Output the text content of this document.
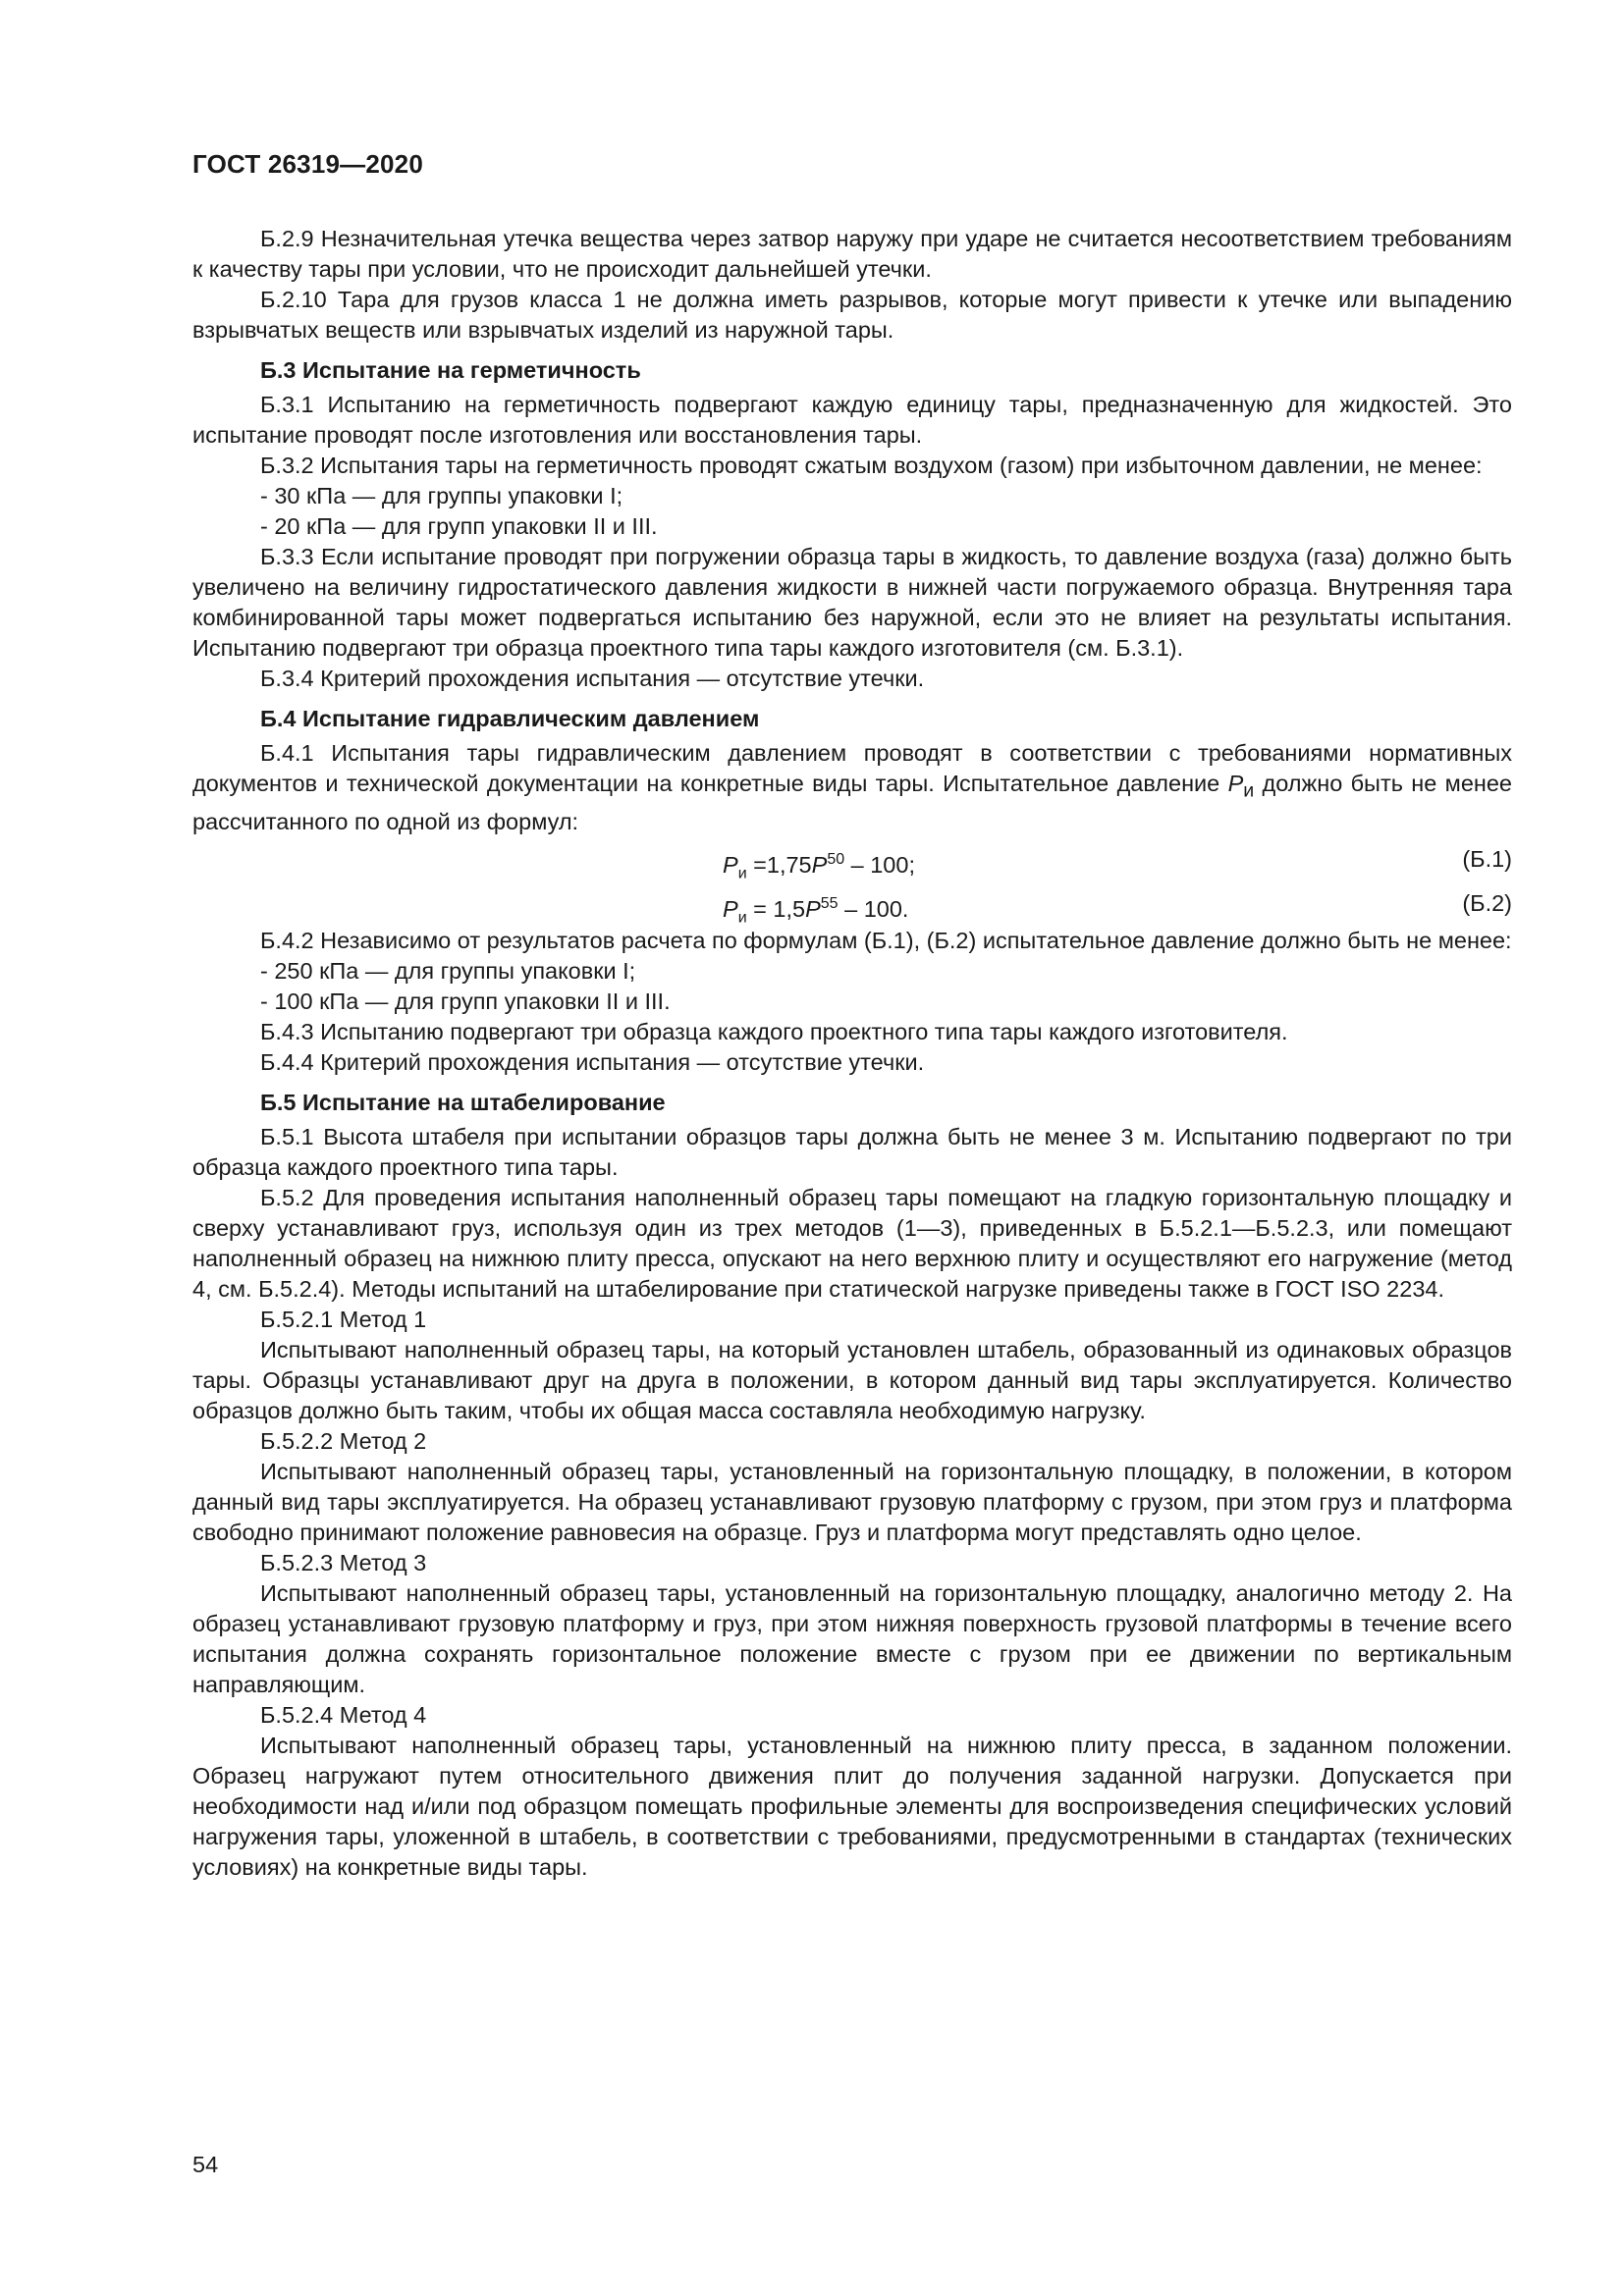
ГОСТ 26319—2020

Б.2.9 Незначительная утечка вещества через затвор наружу при ударе не считается несоответствием требованиям к качеству тары при условии, что не происходит дальнейшей утечки.

Б.2.10 Тара для грузов класса 1 не должна иметь разрывов, которые могут привести к утечке или выпадению взрывчатых веществ или взрывчатых изделий из наружной тары.

Б.3 Испытание на герметичность

Б.3.1 Испытанию на герметичность подвергают каждую единицу тары, предназначенную для жидкостей. Это испытание проводят после изготовления или восстановления тары.

Б.3.2 Испытания тары на герметичность проводят сжатым воздухом (газом) при избыточном давлении, не менее:

- 30 кПа — для группы упаковки I;

- 20 кПа — для групп упаковки II и III.

Б.3.3 Если испытание проводят при погружении образца тары в жидкость, то давление воздуха (газа) должно быть увеличено на величину гидростатического давления жидкости в нижней части погружаемого образца. Внутренняя тара комбинированной тары может подвергаться испытанию без наружной, если это не влияет на результаты испытания. Испытанию подвергают три образца проектного типа тары каждого изготовителя (см. Б.3.1).

Б.3.4 Критерий прохождения испытания — отсутствие утечки.

Б.4 Испытание гидравлическим давлением

Б.4.1 Испытания тары гидравлическим давлением проводят в соответствии с требованиями нормативных документов и технической документации на конкретные виды тары. Испытательное давление $P_и$ должно быть не менее рассчитанного по одной из формул:

$P_и =1,75P^{50} - 100$;	(Б.1)
$P_и = 1,5P^{55} - 100$.	(Б.2)

Б.4.2 Независимо от результатов расчета по формулам (Б.1), (Б.2) испытательное давление должно быть не менее:

- 250 кПа — для группы упаковки I;

- 100 кПа — для групп упаковки II и III.

Б.4.3 Испытанию подвергают три образца каждого проектного типа тары каждого изготовителя.

Б.4.4 Критерий прохождения испытания — отсутствие утечки.

Б.5 Испытание на штабелирование

Б.5.1 Высота штабеля при испытании образцов тары должна быть не менее 3 м. Испытанию подвергают по три образца каждого проектного типа тары.

Б.5.2 Для проведения испытания наполненный образец тары помещают на гладкую горизонтальную площадку и сверху устанавливают груз, используя один из трех методов (1—3), приведенных в Б.5.2.1—Б.5.2.3, или помещают наполненный образец на нижнюю плиту пресса, опускают на него верхнюю плиту и осуществляют его нагружение (метод 4, см. Б.5.2.4). Методы испытаний на штабелирование при статической нагрузке приведены также в ГОСТ ISO 2234.

Б.5.2.1 Метод 1

Испытывают наполненный образец тары, на который установлен штабель, образованный из одинаковых образцов тары. Образцы устанавливают друг на друга в положении, в котором данный вид тары эксплуатируется. Количество образцов должно быть таким, чтобы их общая масса составляла необходимую нагрузку.

Б.5.2.2 Метод 2

Испытывают наполненный образец тары, установленный на горизонтальную площадку, в положении, в котором данный вид тары эксплуатируется. На образец устанавливают грузовую платформу с грузом, при этом груз и платформа свободно принимают положение равновесия на образце. Груз и платформа могут представлять одно целое.

Б.5.2.3 Метод 3

Испытывают наполненный образец тары, установленный на горизонтальную площадку, аналогично методу 2. На образец устанавливают грузовую платформу и груз, при этом нижняя поверхность грузовой платформы в течение всего испытания должна сохранять горизонтальное положение вместе с грузом при ее движении по вертикальным направляющим.

Б.5.2.4 Метод 4

Испытывают наполненный образец тары, установленный на нижнюю плиту пресса, в заданном положении. Образец нагружают путем относительного движения плит до получения заданной нагрузки. Допускается при необходимости над и/или под образцом помещать профильные элементы для воспроизведения специфических условий нагружения тары, уложенной в штабель, в соответствии с требованиями, предусмотренными в стандартах (технических условиях) на конкретные виды тары.

54
